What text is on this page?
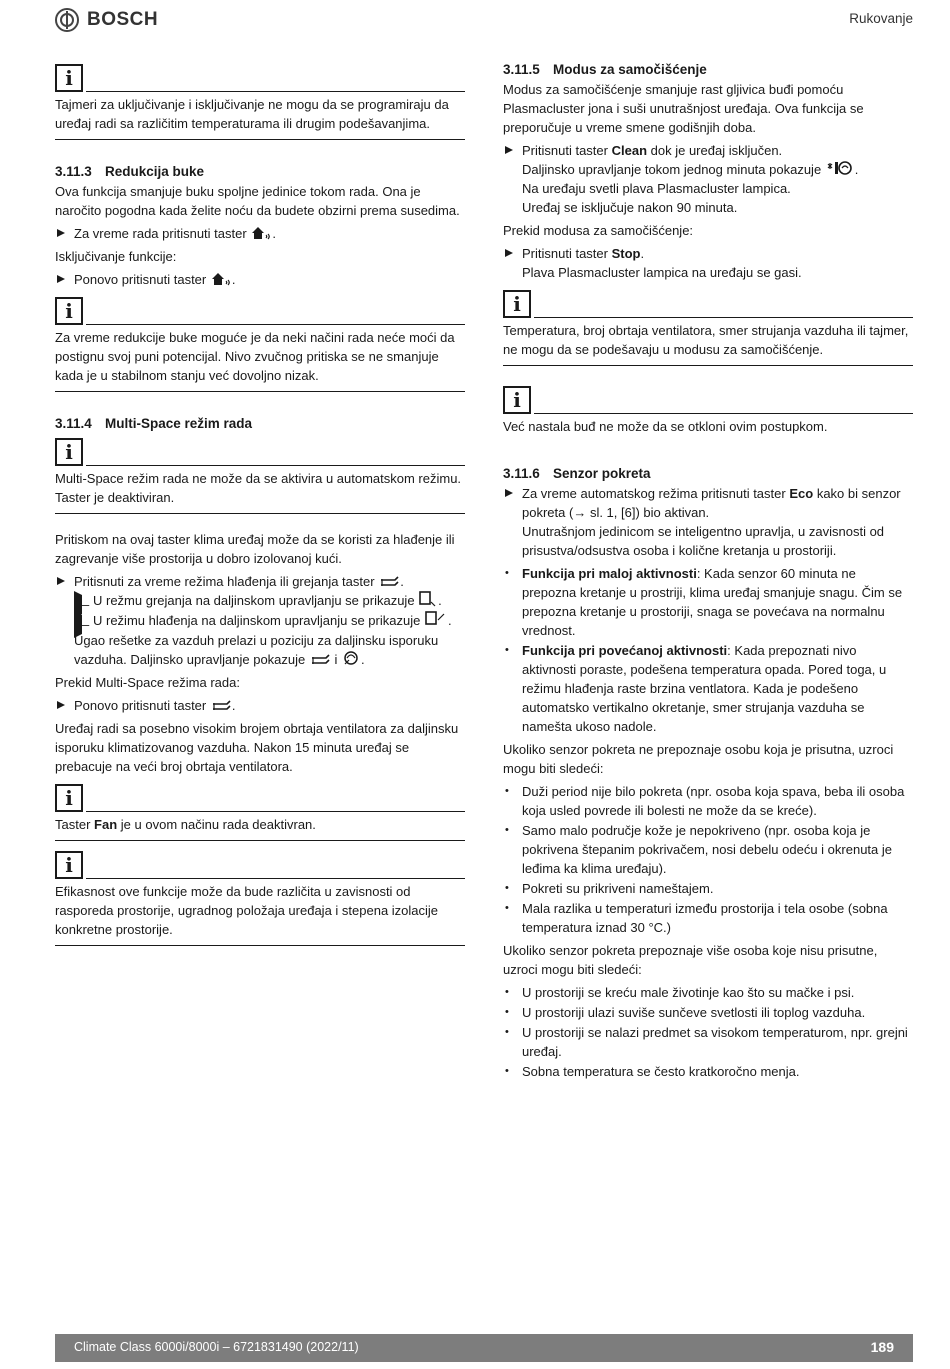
BOSCH	Rukovanje
i
Tajmeri za uključivanje i isključivanje ne mogu da se programiraju da uređaj radi sa različitim temperaturama ili drugim podešavanjima.
3.11.3 Redukcija buke

Ova funkcija smanjuje buku spoljne jedinice tokom rada. Ona je naročito pogodna kada želite noću da budete obzirni prema susedima.

Za vreme rada pritisnuti taster .

Isključivanje funkcije:

Ponovo pritisnuti taster .
i
Za vreme redukcije buke moguće je da neki načini rada neće moći da postignu svoj puni potencijal. Nivo zvučnog pritiska se ne smanjuje kada je u stabilnom stanju već dovoljno nizak.
3.11.4 Multi-Space režim rada
i
Multi-Space režim rada ne može da se aktivira u automatskom režimu. Taster je deaktiviran.

Pritiskom na ovaj taster klima uređaj može da se koristi za hlađenje ili zagrevanje više prostorija u dobro izolovanoj kući.

Pritisnuti za vreme režima hlađenja ili grejanja taster .
– U režmu grejanja na daljinskom upravljanju se prikazuje .
– U režimu hlađenja na daljinskom upravljanju se prikazuje .
Ugao rešetke za vazduh prelazi u poziciju za daljinsku isporuku vazduha. Daljinsko upravljanje pokazuje i .

Prekid Multi-Space režima rada:

Ponovo pritisnuti taster .

Uređaj radi sa posebno visokim brojem obrtaja ventilatora za daljinsku isporuku klimatizovanog vazduha. Nakon 15 minuta uređaj se prebacuje na veći broj obrtaja ventilatora.

i
Taster Fan je u ovom načinu rada deaktivran.
i
Efikasnost ove funkcije može da bude različita u zavisnosti od rasporeda prostorije, ugradnog položaja uređaja i stepena izolacije konkretne prostorije.
3.11.5 Modus za samočišćenje

Modus za samočišćenje smanjuje rast gljivica buđi pomoću Plasmacluster jona i suši unutrašnjost uređaja. Ova funkcija se preporučuje u vreme smene godišnjih doba.

Pritisnuti taster Clean dok je uređaj isključen.
Daljinsko upravljanje tokom jednog minuta pokazuje	.
Na uređaju svetli plava Plasmacluster lampica.
Uređaj se isključuje nakon 90 minuta.

Prekid modusa za samočišćenje:

Pritisnuti taster Stop.
Plava Plasmacluster lampica na uređaju se gasi.
i
Temperatura, broj obrtaja ventilatora, smer strujanja vazduha ili tajmer, ne mogu da se podešavaju u modusu za samočišćenje.
i
Već nastala buđ ne može da se otkloni ovim postupkom.
3.11.6 Senzor pokreta
Za vreme automatskog režima pritisnuti taster Eco kako bi senzor pokreta (→ sl. 1, [6]) bio aktivan.
Unutrašnjom jedinicom se inteligentno upravlja, u zavisnosti od prisustva/odsustva osoba i količne kretanja u prostoriji.
• Funkcija pri maloj aktivnosti: Kada senzor 60 minuta ne prepozna kretanje u prostriji, klima uređaj smanjuje snagu. Čim se prepozna kretanje u prostoriji, snaga se povećava na normalnu vrednost.
• Funkcija pri povećanoj aktivnosti: Kada prepoznati nivo aktivnosti poraste, podešena temperatura opada. Pored toga, u režimu hlađenja raste brzina ventlatora. Kada je podešeno automatsko vertikalno okretanje, smer strujanja vazduha se namešta ukoso nadole.

Ukoliko senzor pokreta ne prepoznaje osobu koja je prisutna, uzroci mogu biti sledeći:

• Duži period nije bilo pokreta (npr. osoba koja spava, beba ili osoba koja usled povrede ili bolesti ne može da se kreće).
• Samo malo područje kože je nepokriveno (npr. osoba koja je pokrivena štepanim pokrivačem, nosi debelu odeću i okrenuta je leđima ka klima uređaju).
• Pokreti su prikriveni nameštajem.
• Mala razlika u temperaturi između prostorija i tela osobe (sobna temperatura iznad 30 °C.)

Ukoliko senzor pokreta prepoznaje više osoba koje nisu prisutne, uzroci mogu biti sledeći:

• U prostoriji se kreću male životinje kao što su mačke i psi.
• U prostoriji ulazi suviše sunčeve svetlosti ili toplog vazduha.
• U prostoriji se nalazi predmet sa visokom temperaturom, npr. grejni uređaj.
• Sobna temperatura se često kratkoročno menja.
Climate Class 6000i/8000i – 6721831490 (2022/11)	189
